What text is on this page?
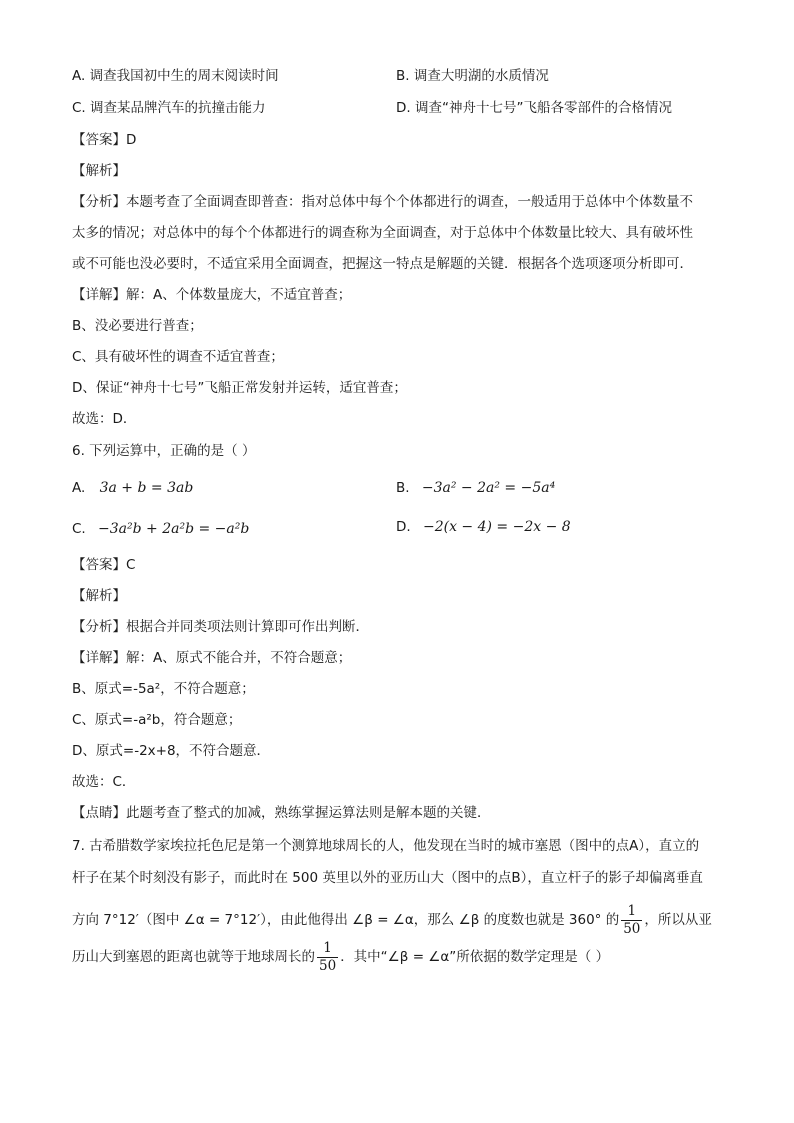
A. 调查我国初中生的周末阅读时间	B. 调查大明湖的水质情况
C. 调查某品牌汽车的抗撞击能力	D. 调查“神舟十七号”飞船各零部件的合格情况
【答案】D
【解析】
【分析】本题考查了全面调查即普查：指对总体中每个个体都进行的调查，一般适用于总体中个体数量不
太多的情况；对总体中的每个个体都进行的调查称为全面调查，对于总体中个体数量比较大、具有破坏性
或不可能也没必要时，不适宜采用全面调查，把握这一特点是解题的关键．根据各个选项逐项分析即可．
【详解】解：A、个体数量庞大，不适宜普查；
B、没必要进行普查；
C、具有破坏性的调查不适宜普查；
D、保证“神舟十七号”飞船正常发射并运转，适宜普查；
故选：D．
6. 下列运算中，正确的是（ ）
A. 3a + b = 3ab	B. −3a² − 2a² = −5a⁴
C. −3a²b + 2a²b = −a²b	D. −2(x − 4) = −2x − 8
【答案】C
【解析】
【分析】根据合并同类项法则计算即可作出判断．
【详解】解：A、原式不能合并，不符合题意；
B、原式=-5a²，不符合题意；
C、原式=-a²b，符合题意；
D、原式=-2x+8，不符合题意．
故选：C．
【点睛】此题考查了整式的加减，熟练掌握运算法则是解本题的关键．
7. 古希腊数学家埃拉托色尼是第一个测算地球周长的人，他发现在当时的城市塞恩（图中的点A），直立的
杆子在某个时刻没有影子，而此时在 500 英里以外的亚历山大（图中的点B），直立杆子的影子却偏离垂直
方向 7°12′（图中 ∠α = 7°12′），由此他得出 ∠β = ∠α，那么 ∠β 的度数也就是 360° 的 $\frac{1}{50}$ ，所以从亚
历山大到塞恩的距离也就等于地球周长的 $\frac{1}{50}$ ．其中“∠β = ∠α”所依据的数学定理是（ ）
